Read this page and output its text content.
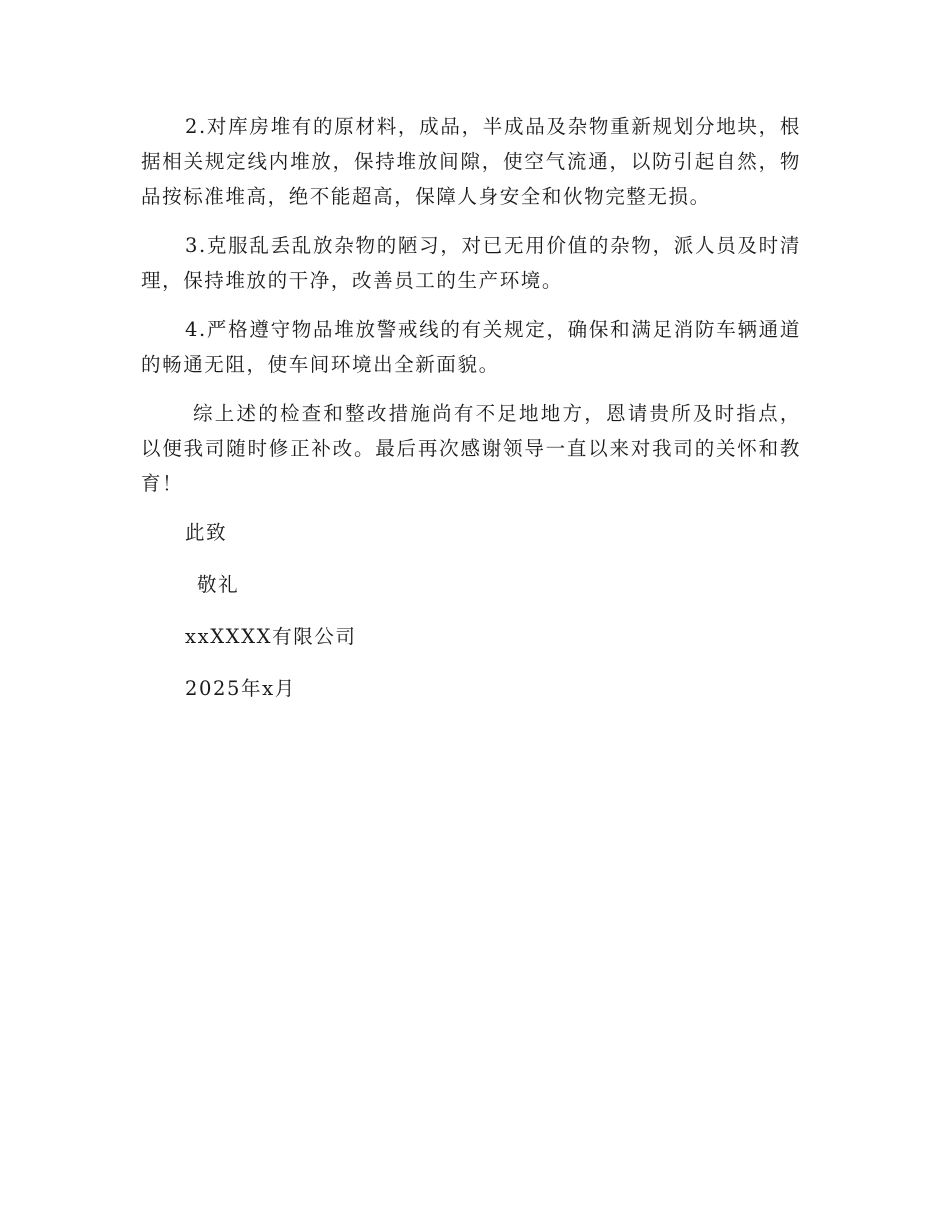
2.对库房堆有的原材料，成品，半成品及杂物重新规划分地块，根据相关规定线内堆放，保持堆放间隙，使空气流通，以防引起自然，物品按标准堆高，绝不能超高，保障人身安全和伙物完整无损。

3.克服乱丢乱放杂物的陋习，对已无用价值的杂物，派人员及时清理，保持堆放的干净，改善员工的生产环境。

4.严格遵守物品堆放警戒线的有关规定，确保和满足消防车辆通道的畅通无阻，使车间环境出全新面貌。

综上述的检查和整改措施尚有不足地地方，恩请贵所及时指点，以便我司随时修正补改。最后再次感谢领导一直以来对我司的关怀和教育！

此致

敬礼

xxXXXX有限公司

2025年x月
